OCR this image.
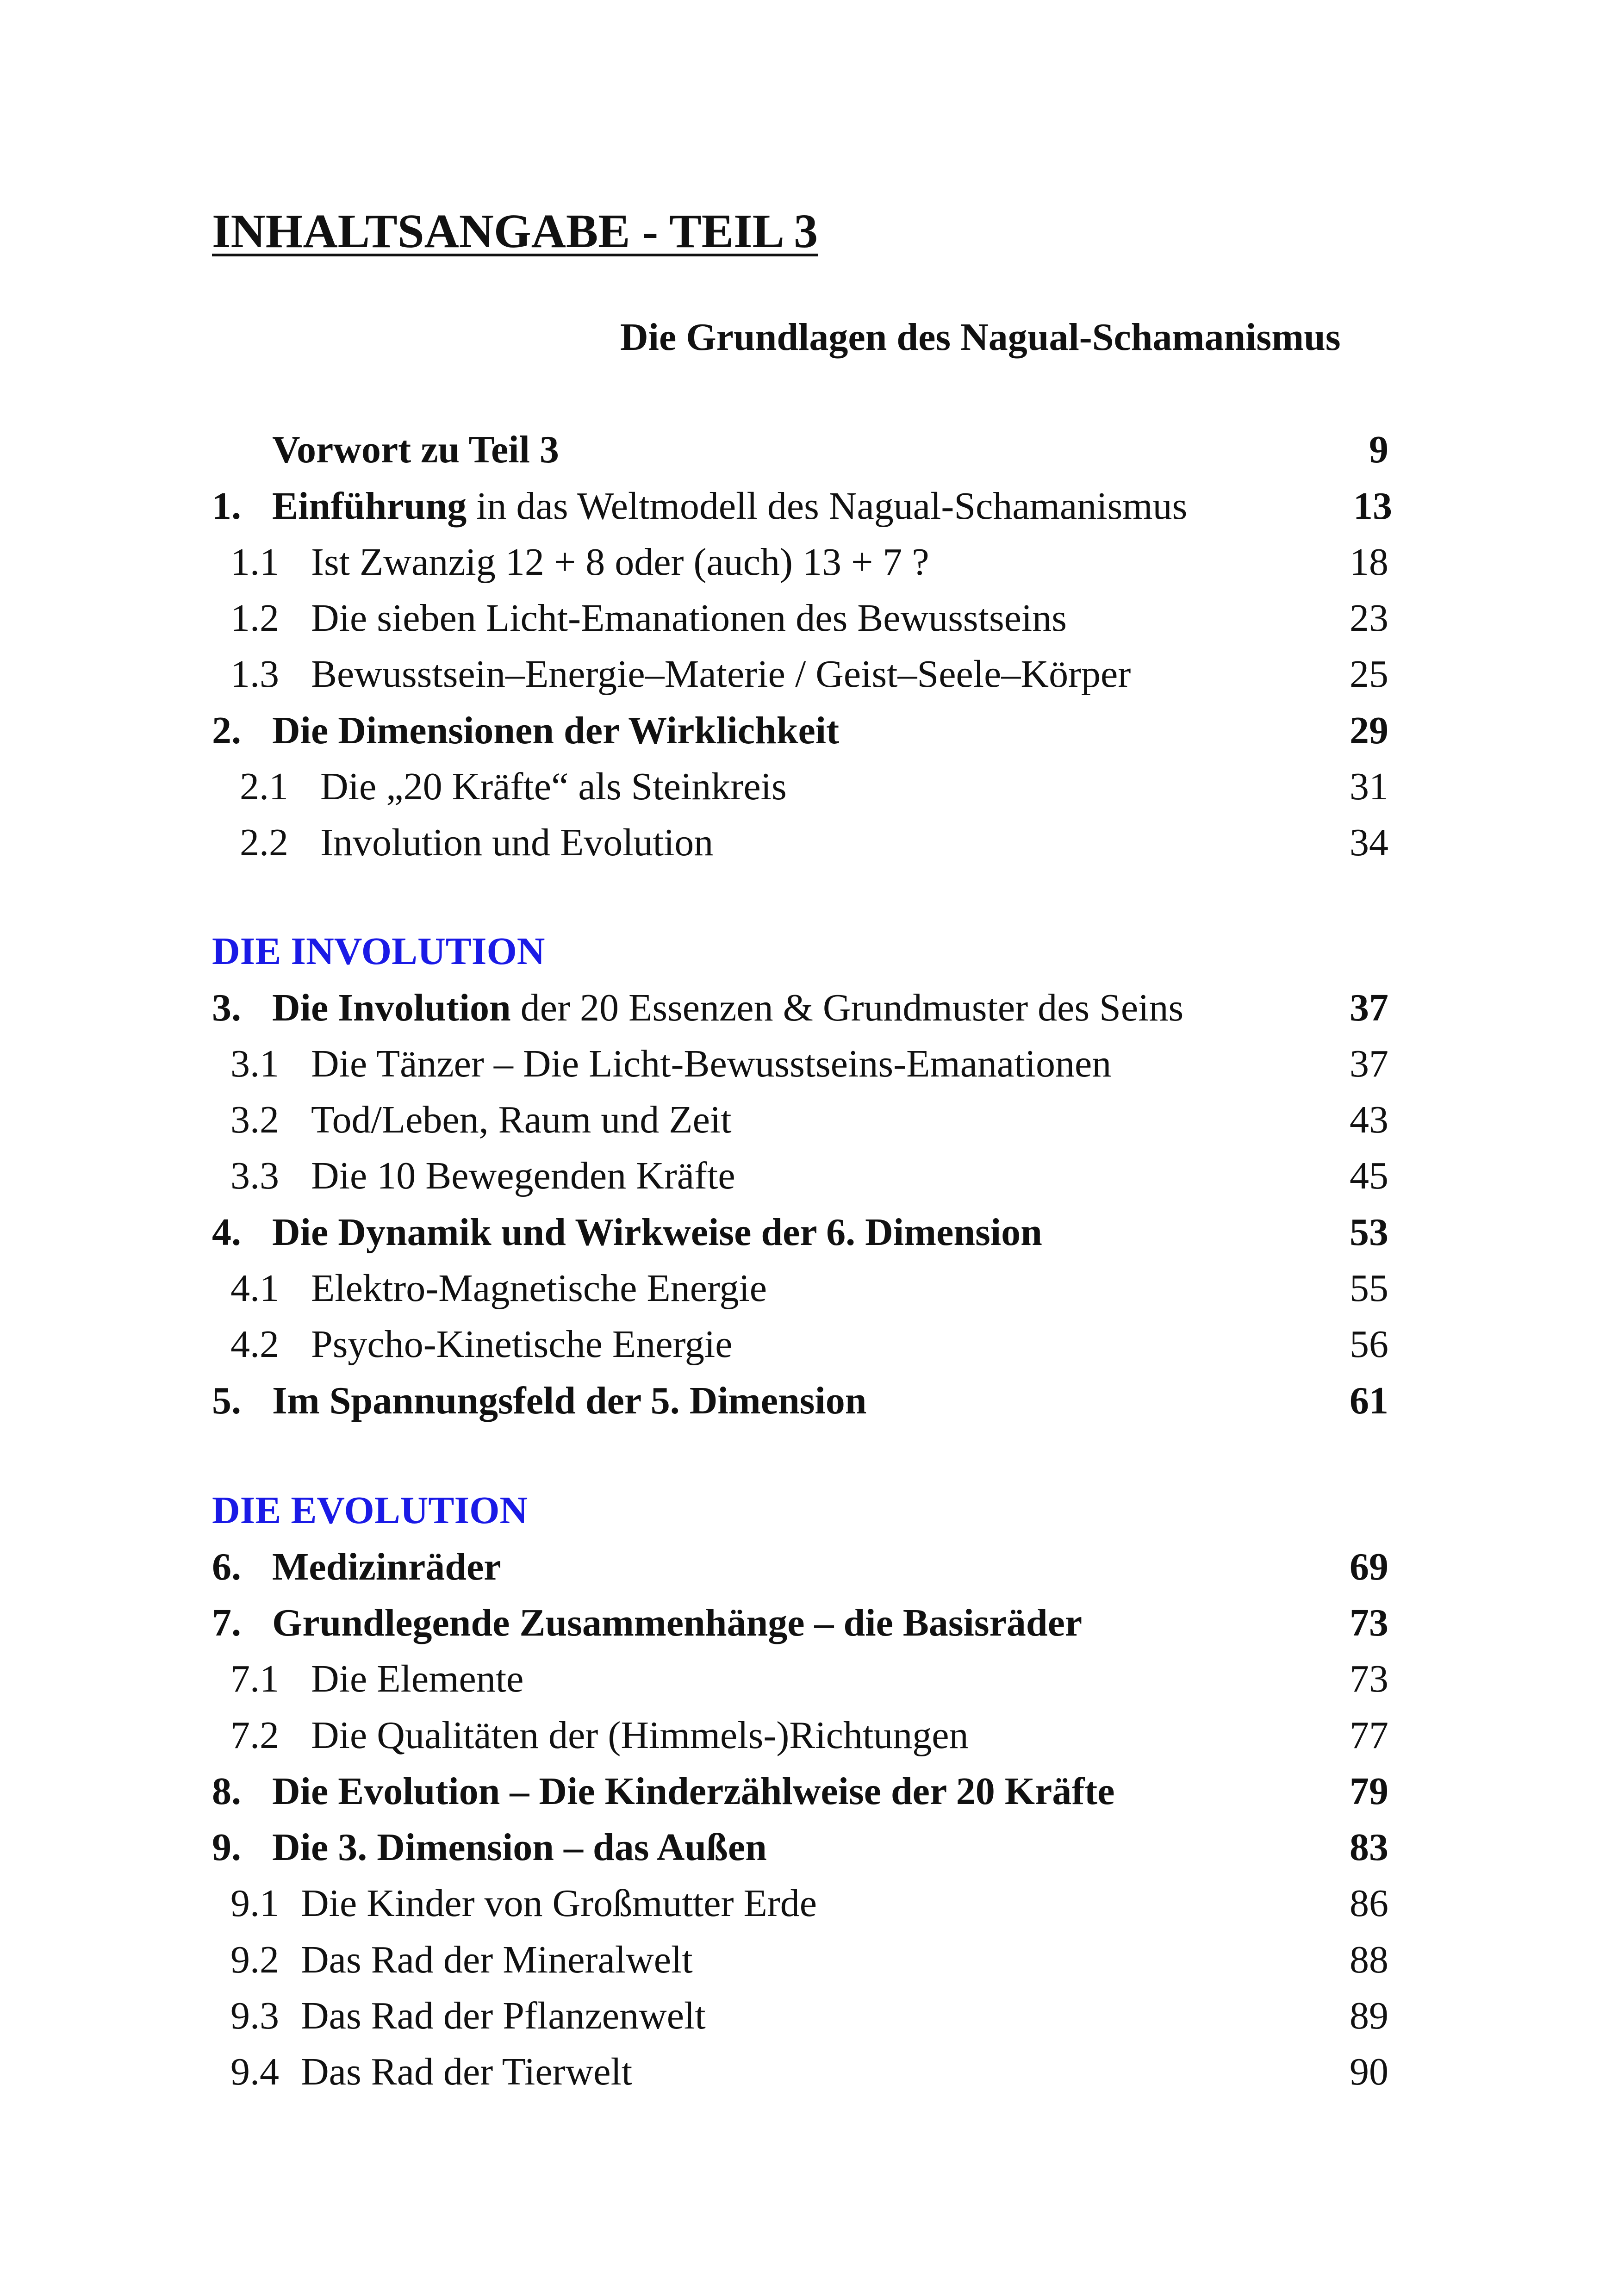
INHALTSANGABE - TEIL 3
Die Grundlagen des Nagual-Schamanismus
Vorwort zu Teil 3	9
1. Einführung in das Weltmodell des Nagual-Schamanismus	13
1.1 Ist Zwanzig 12 + 8 oder (auch) 13 + 7 ?	18
1.2 Die sieben Licht-Emanationen des Bewusstseins	23
1.3 Bewusstsein–Energie–Materie / Geist–Seele–Körper	25
2. Die Dimensionen der Wirklichkeit	29
2.1 Die „20 Kräfte“ als Steinkreis	31
2.2 Involution und Evolution	34
DIE INVOLUTION
3. Die Involution der 20 Essenzen & Grundmuster des Seins	37
3.1 Die Tänzer – Die Licht-Bewusstseins-Emanationen	37
3.2 Tod/Leben, Raum und Zeit	43
3.3 Die 10 Bewegenden Kräfte	45
4. Die Dynamik und Wirkweise der 6. Dimension	53
4.1 Elektro-Magnetische Energie	55
4.2 Psycho-Kinetische Energie	56
5. Im Spannungsfeld der 5. Dimension	61
DIE EVOLUTION
6. Medizinräder	69
7. Grundlegende Zusammenhänge – die Basisräder	73
7.1 Die Elemente	73
7.2 Die Qualitäten der (Himmels-)Richtungen	77
8. Die Evolution – Die Kinderzählweise der 20 Kräfte	79
9. Die 3. Dimension – das Außen	83
9.1 Die Kinder von Großmutter Erde	86
9.2 Das Rad der Mineralwelt	88
9.3 Das Rad der Pflanzenwelt	89
9.4 Das Rad der Tierwelt	90
